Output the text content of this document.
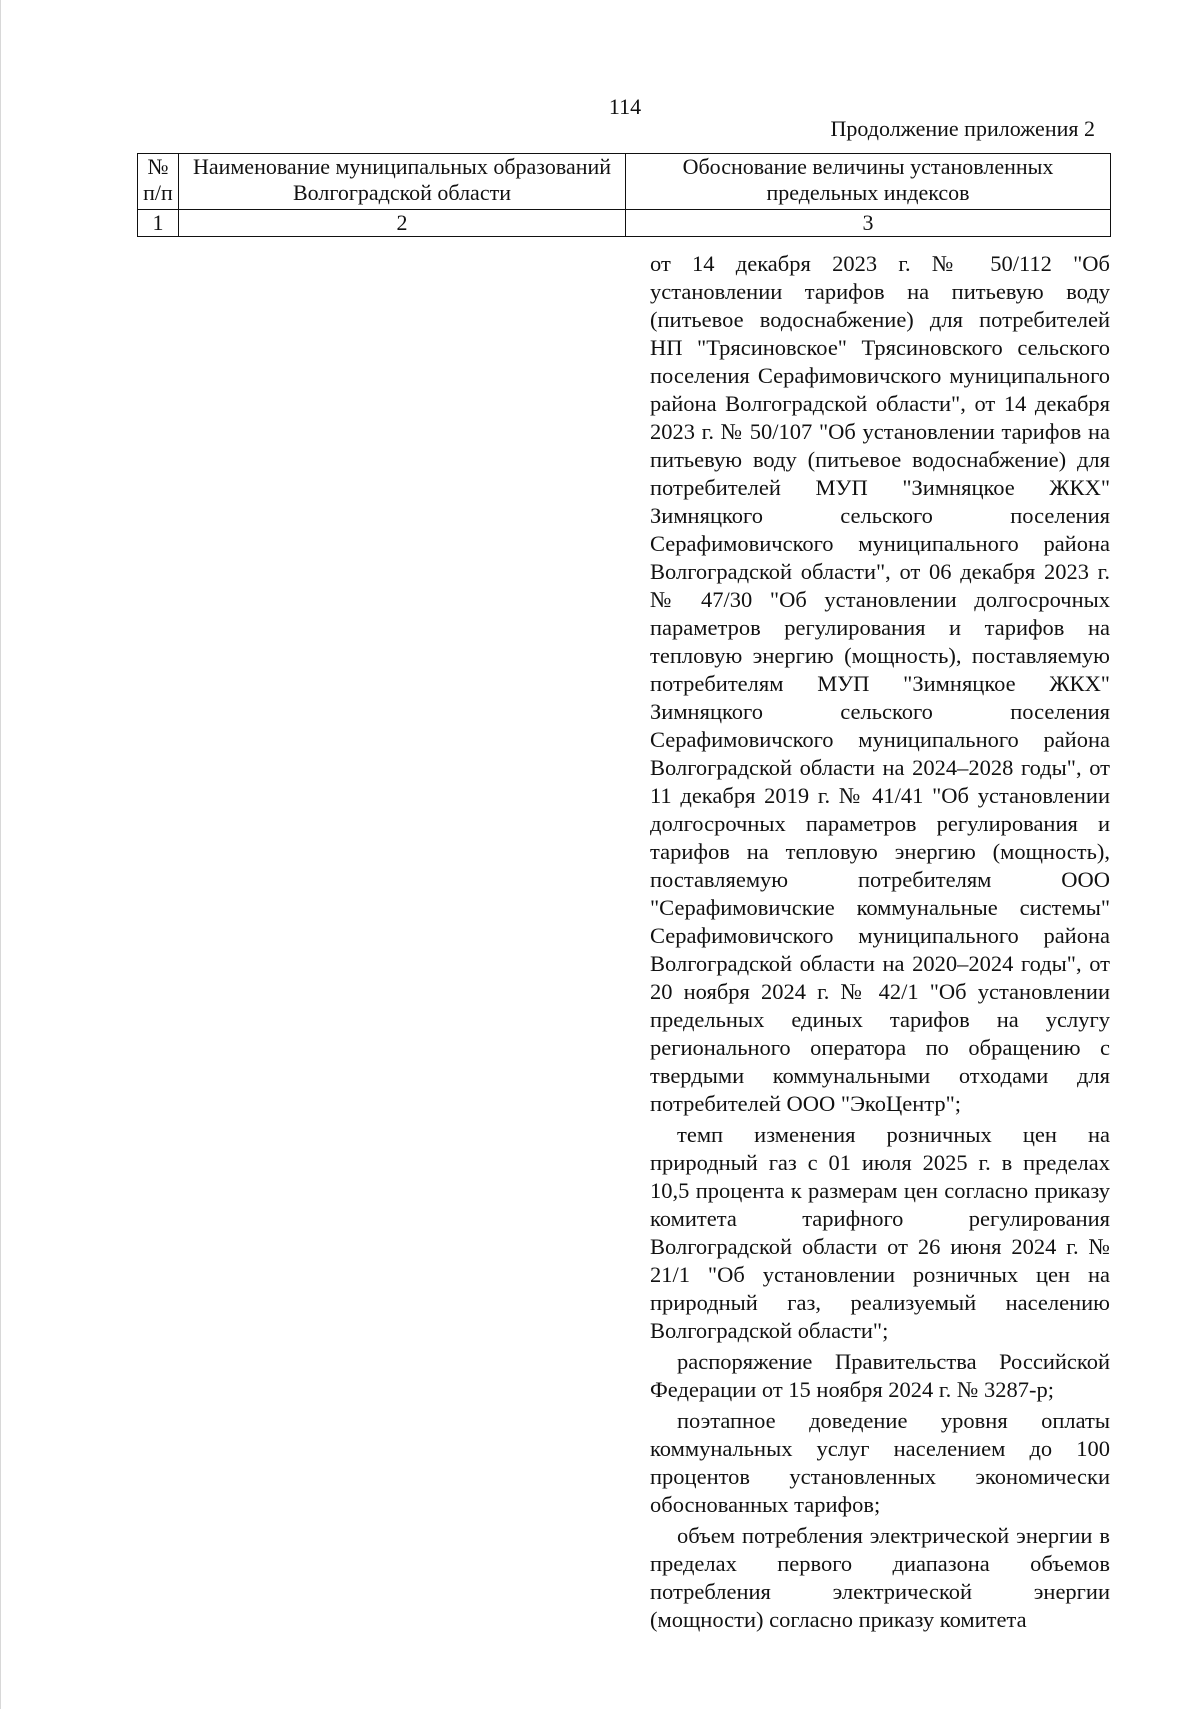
114
Продолжение приложения 2
№ п/п	Наименование муниципальных образований Волгоградской области	Обоснование величины установленных предельных индексов
1	2	3

от 14 декабря 2023 г. № 50/112 "Об установлении тарифов на питьевую воду (питьевое водоснабжение) для потребителей НП "Трясиновское" Трясиновского сельского поселения Серафимовичского муниципального района Волгоградской области", от 14 декабря 2023 г. № 50/107 "Об установлении тарифов на питьевую воду (питьевое водоснабжение) для потребителей МУП "Зимняцкое ЖКХ" Зимняцкого сельского поселения Серафимовичского муниципального района Волгоградской области", от 06 декабря 2023 г. № 47/30 "Об установлении долгосрочных параметров регулирования и тарифов на тепловую энергию (мощность), поставляемую потребителям МУП "Зимняцкое ЖКХ" Зимняцкого сельского поселения Серафимовичского муниципального района Волгоградской области на 2024–2028 годы", от 11 декабря 2019 г. № 41/41 "Об установлении долгосрочных параметров регулирования и тарифов на тепловую энергию (мощность), поставляемую потребителям ООО "Серафимовичские коммунальные системы" Серафимовичского муниципального района Волгоградской области на 2020–2024 годы", от 20 ноября 2024 г. № 42/1 "Об установлении предельных единых тарифов на услугу регионального оператора по обращению с твердыми коммунальными отходами для потребителей ООО "ЭкоЦентр";

темп изменения розничных цен на природный газ с 01 июля 2025 г. в пределах 10,5 процента к размерам цен согласно приказу комитета тарифного регулирования Волгоградской области от 26 июня 2024 г. № 21/1 "Об установлении розничных цен на природный газ, реализуемый населению Волгоградской области";

распоряжение Правительства Российской Федерации от 15 ноября 2024 г. № 3287-р;

поэтапное доведение уровня оплаты коммунальных услуг населением до 100 процентов установленных экономически обоснованных тарифов;

объем потребления электрической энергии в пределах первого диапазона объемов потребления электрической энергии (мощности) согласно приказу комитета
